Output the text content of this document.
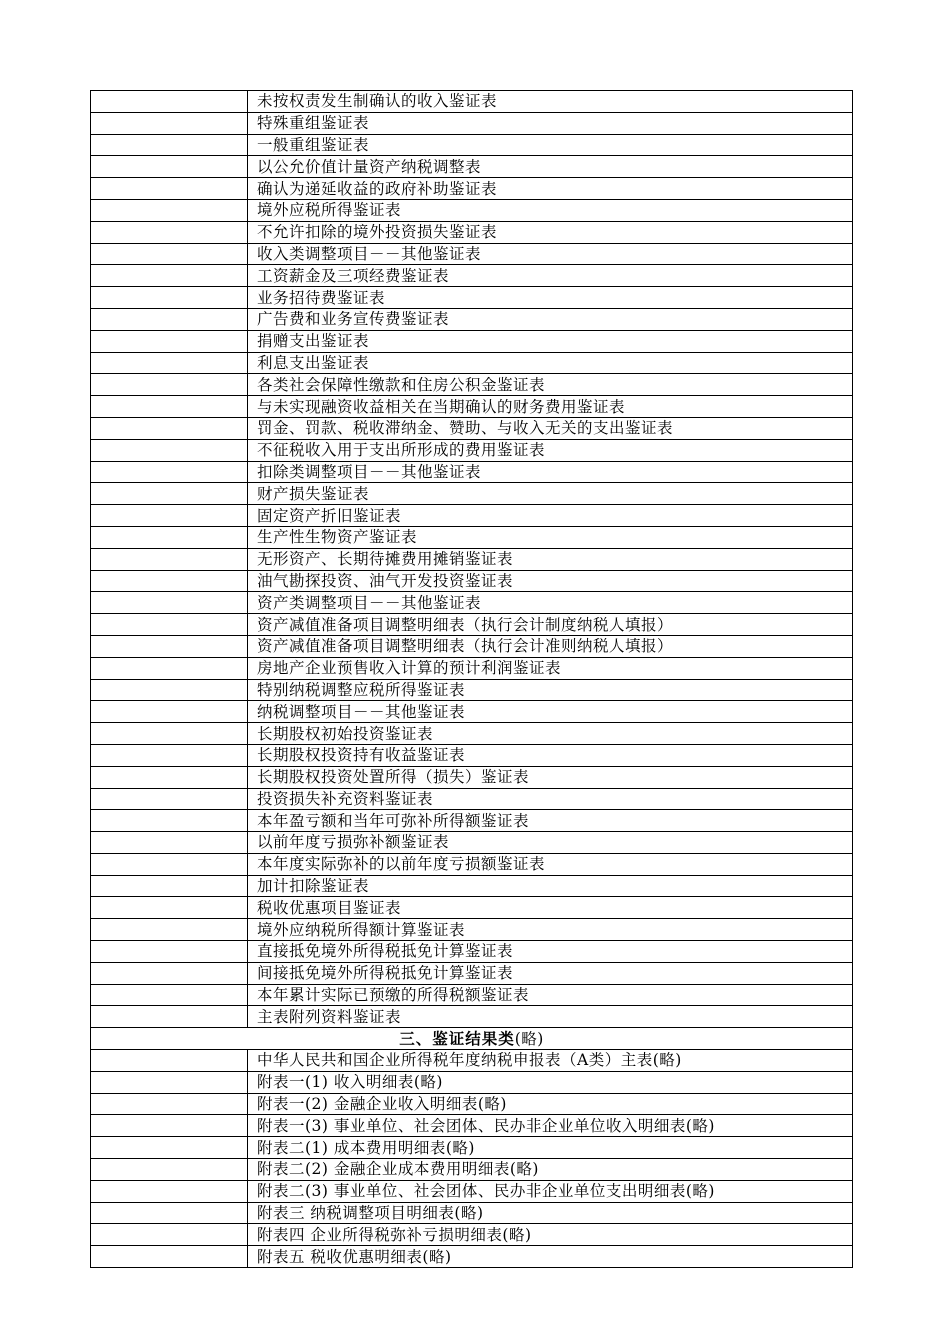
	未按权责发生制确认的收入鉴证表
	特殊重组鉴证表
	一般重组鉴证表
	以公允价值计量资产纳税调整表
	确认为递延收益的政府补助鉴证表
	境外应税所得鉴证表
	不允许扣除的境外投资损失鉴证表
	收入类调整项目－－其他鉴证表
	工资薪金及三项经费鉴证表
	业务招待费鉴证表
	广告费和业务宣传费鉴证表
	捐赠支出鉴证表
	利息支出鉴证表
	各类社会保障性缴款和住房公积金鉴证表
	与未实现融资收益相关在当期确认的财务费用鉴证表
	罚金、罚款、税收滞纳金、赞助、与收入无关的支出鉴证表
	不征税收入用于支出所形成的费用鉴证表
	扣除类调整项目－－其他鉴证表
	财产损失鉴证表
	固定资产折旧鉴证表
	生产性生物资产鉴证表
	无形资产、长期待摊费用摊销鉴证表
	油气勘探投资、油气开发投资鉴证表
	资产类调整项目－－其他鉴证表
	资产减值准备项目调整明细表（执行会计制度纳税人填报）
	资产减值准备项目调整明细表（执行会计准则纳税人填报）
	房地产企业预售收入计算的预计利润鉴证表
	特别纳税调整应税所得鉴证表
	纳税调整项目－－其他鉴证表
	长期股权初始投资鉴证表
	长期股权投资持有收益鉴证表
	长期股权投资处置所得（损失）鉴证表
	投资损失补充资料鉴证表
	本年盈亏额和当年可弥补所得额鉴证表
	以前年度亏损弥补额鉴证表
	本年度实际弥补的以前年度亏损额鉴证表
	加计扣除鉴证表
	税收优惠项目鉴证表
	境外应纳税所得额计算鉴证表
	直接抵免境外所得税抵免计算鉴证表
	间接抵免境外所得税抵免计算鉴证表
	本年累计实际已预缴的所得税额鉴证表
	主表附列资料鉴证表
三、鉴证结果类(略)	
	中华人民共和国企业所得税年度纳税申报表（A类）主表(略)
	附表一(1) 收入明细表(略)
	附表一(2) 金融企业收入明细表(略)
	附表一(3) 事业单位、社会团体、民办非企业单位收入明细表(略)
	附表二(1) 成本费用明细表(略)
	附表二(2) 金融企业成本费用明细表(略)
	附表二(3) 事业单位、社会团体、民办非企业单位支出明细表(略)
	附表三 纳税调整项目明细表(略)
	附表四 企业所得税弥补亏损明细表(略)
	附表五 税收优惠明细表(略)
